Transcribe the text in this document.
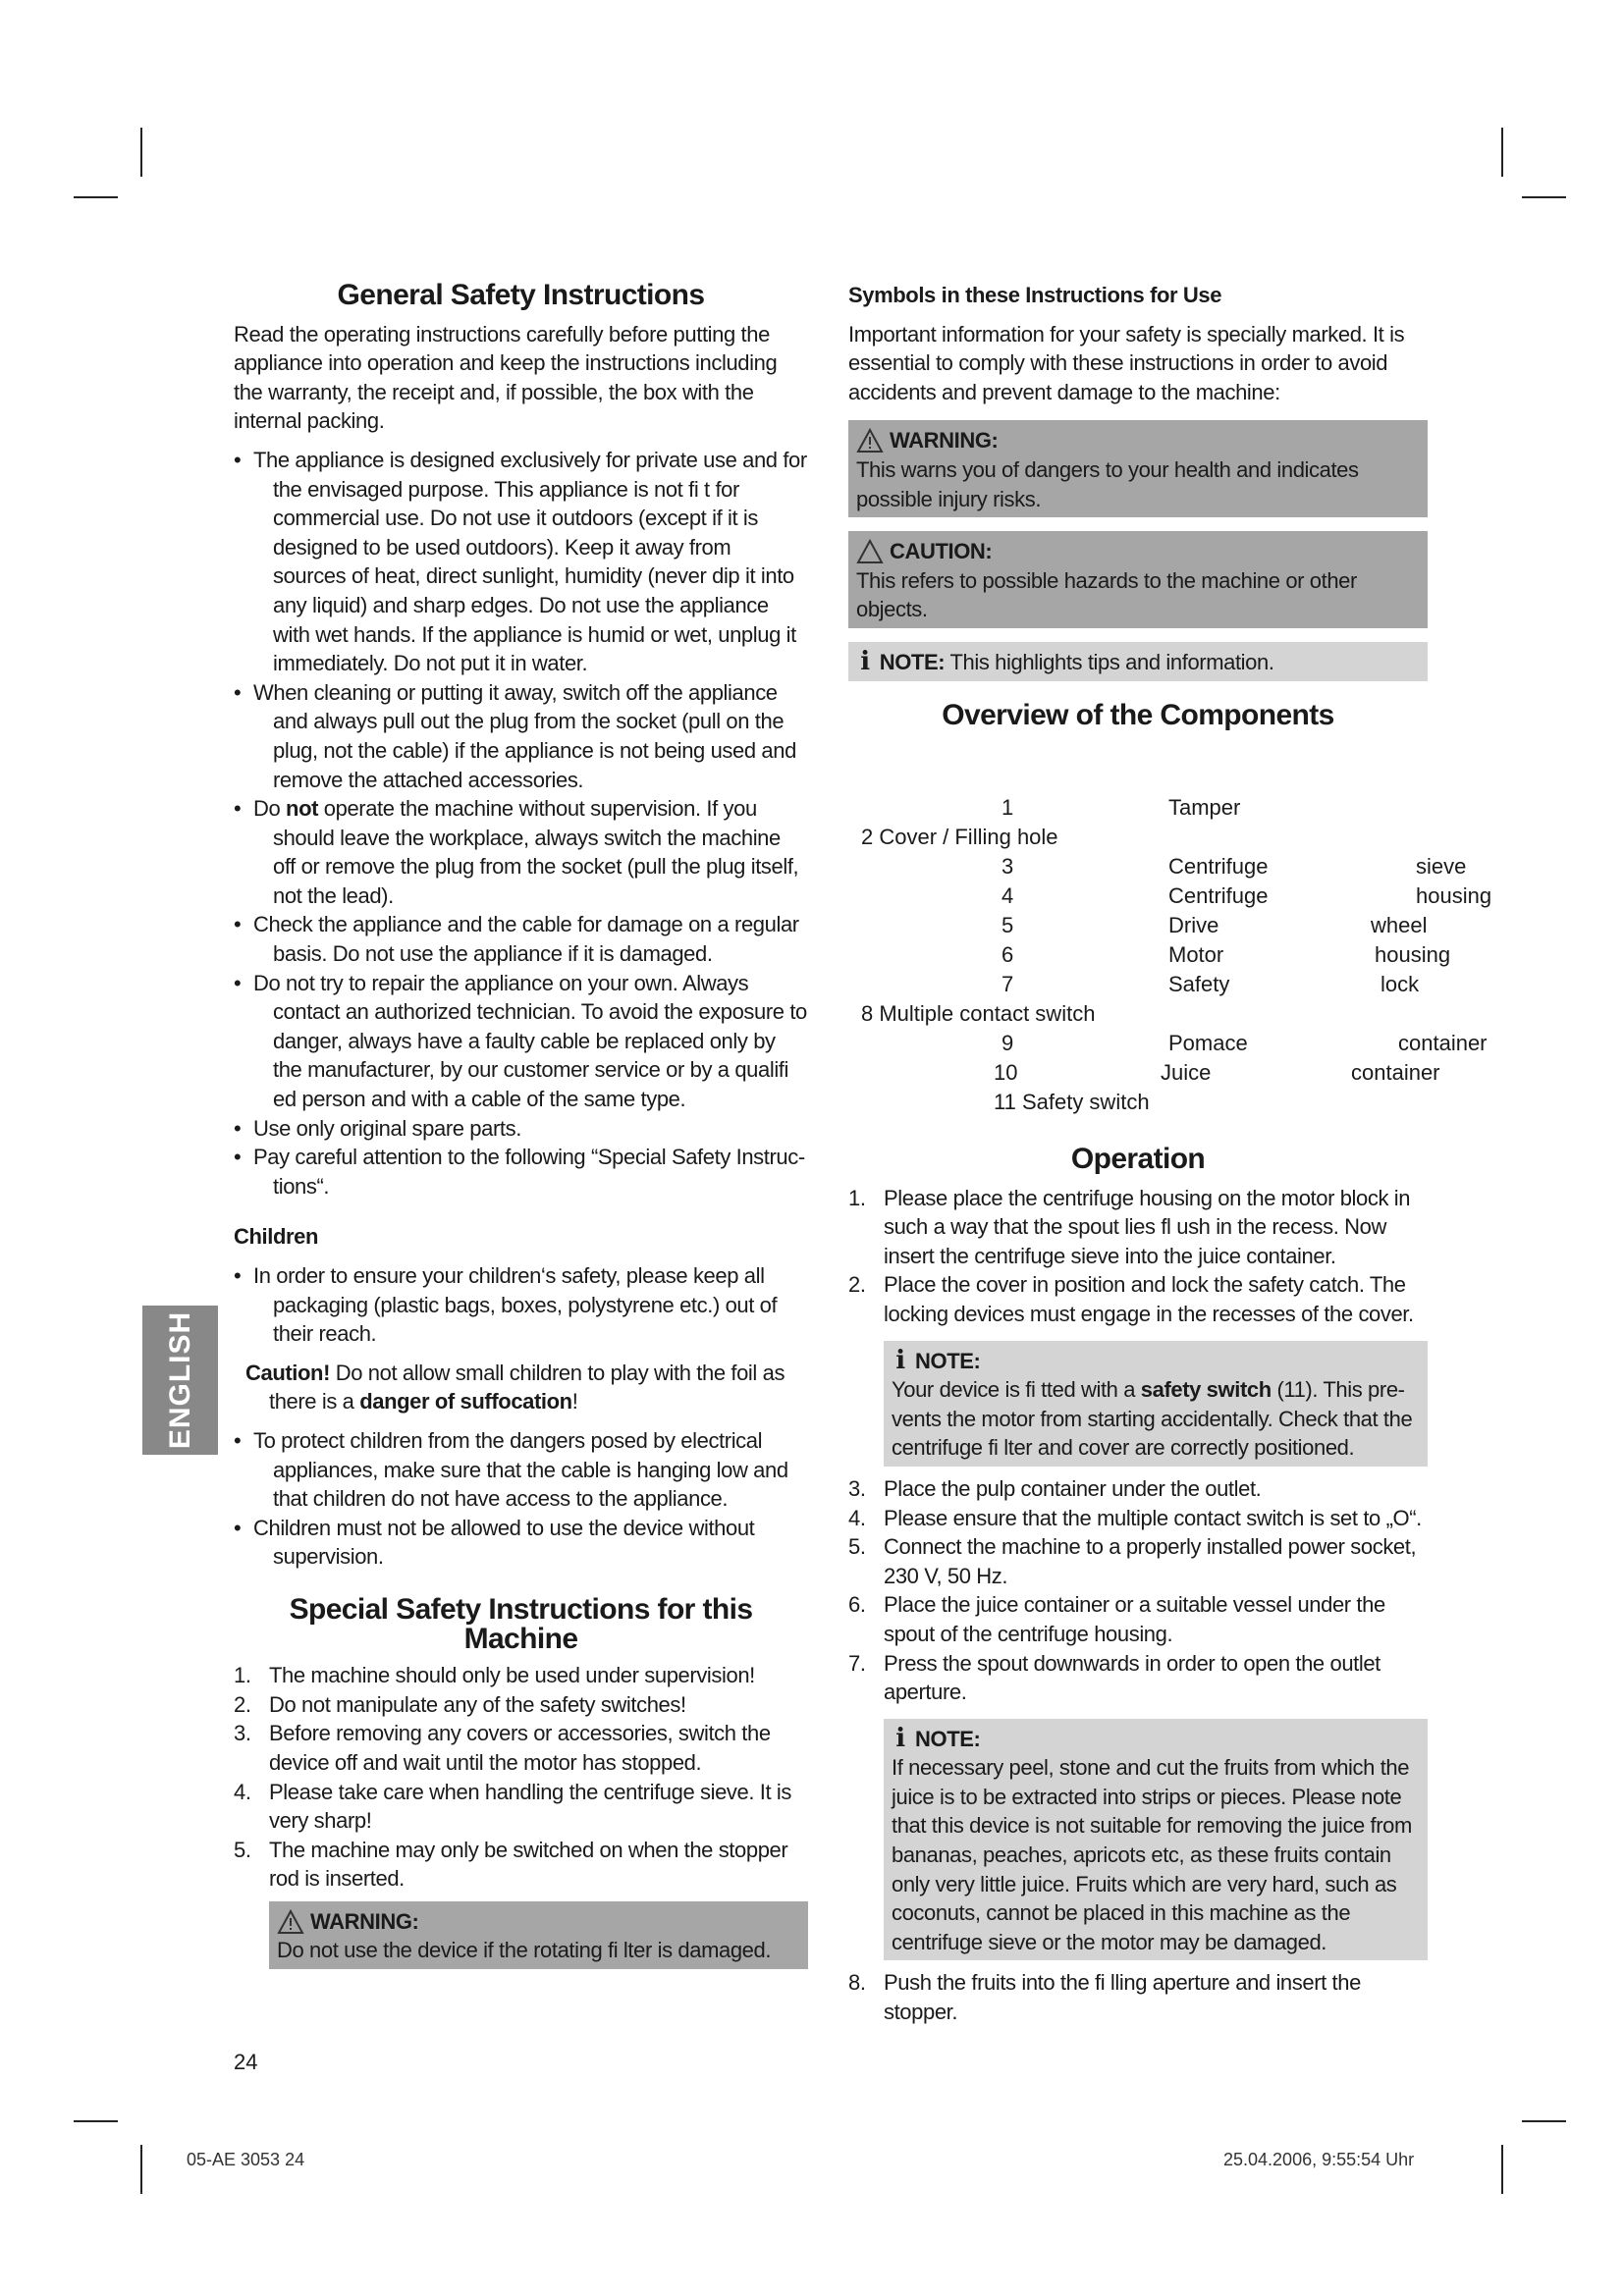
ENGLISH
General Safety Instructions

Read the operating instructions carefully before putting the appliance into operation and keep the instructions including the warranty, the receipt and, if possible, the box with the internal packing.

• The appliance is designed exclusively for private use and for the envisaged purpose. This appliance is not fi t for commercial use. Do not use it outdoors (except if it is designed to be used outdoors). Keep it away from sources of heat, direct sunlight, humidity (never dip it into any liquid) and sharp edges. Do not use the appliance with wet hands. If the appliance is humid or wet, unplug it immediately. Do not put it in water.
• When cleaning or putting it away, switch off the appliance and always pull out the plug from the socket (pull on the plug, not the cable) if the appliance is not being used and remove the attached accessories.
• Do not operate the machine without supervision. If you should leave the workplace, always switch the machine off or remove the plug from the socket (pull the plug itself, not the lead).
• Check the appliance and the cable for damage on a regular basis. Do not use the appliance if it is damaged.
• Do not try to repair the appliance on your own. Always contact an authorized technician. To avoid the exposure to danger, always have a faulty cable be replaced only by the manufacturer, by our customer service or by a qualifi ed person and with a cable of the same type.
• Use only original spare parts.
• Pay careful attention to the following “Special Safety Instruc-tions“.
Children
• In order to ensure your children‘s safety, please keep all packaging (plastic bags, boxes, polystyrene etc.) out of their reach.

Caution! Do not allow small children to play with the foil as there is a danger of suffocation!

• To protect children from the dangers posed by electrical appliances, make sure that the cable is hanging low and that children do not have access to the appliance.
• Children must not be allowed to use the device without supervision.
Special Safety Instructions for this Machine
1. The machine should only be used under supervision!
2. Do not manipulate any of the safety switches!
3. Before removing any covers or accessories, switch the device off and wait until the motor has stopped.
4. Please take care when handling the centrifuge sieve. It is very sharp!
5. The machine may only be switched on when the stopper rod is inserted.
WARNING:
Do not use the device if the rotating fi lter is damaged.
Symbols in these Instructions for Use

Important information for your safety is specially marked. It is essential to comply with these instructions in order to avoid accidents and prevent damage to the machine:

WARNING:
This warns you of dangers to your health and indicates possible injury risks.
CAUTION:
This refers to possible hazards to the machine or other objects.
i NOTE: This highlights tips and information.
Overview of the Components
1	Tamper
2 Cover / Filling hole
3	Centrifuge	sieve
4	Centrifuge	housing
5	Drive	wheel
6	Motor	housing
7	Safety	lock
8 Multiple contact switch
9	Pomace	container
10	Juice	container
11 Safety switch
Operation
1. Please place the centrifuge housing on the motor block in such a way that the spout lies fl ush in the recess. Now insert the centrifuge sieve into the juice container.
2. Place the cover in position and lock the safety catch. The locking devices must engage in the recesses of the cover.
i NOTE:
Your device is fi tted with a safety switch (11). This pre-vents the motor from starting accidentally. Check that the centrifuge fi lter and cover are correctly positioned.
3. Place the pulp container under the outlet.
4. Please ensure that the multiple contact switch is set to „O“.
5. Connect the machine to a properly installed power socket, 230 V, 50 Hz.
6. Place the juice container or a suitable vessel under the spout of the centrifuge housing.
7. Press the spout downwards in order to open the outlet aperture.
i NOTE:
If necessary peel, stone and cut the fruits from which the juice is to be extracted into strips or pieces. Please note that this device is not suitable for removing the juice from bananas, peaches, apricots etc, as these fruits contain only very little juice. Fruits which are very hard, such as coconuts, cannot be placed in this machine as the centrifuge sieve or the motor may be damaged.
8. Push the fruits into the fi lling aperture and insert the stopper.
24
05-AE 3053 24	25.04.2006, 9:55:54 Uhr
